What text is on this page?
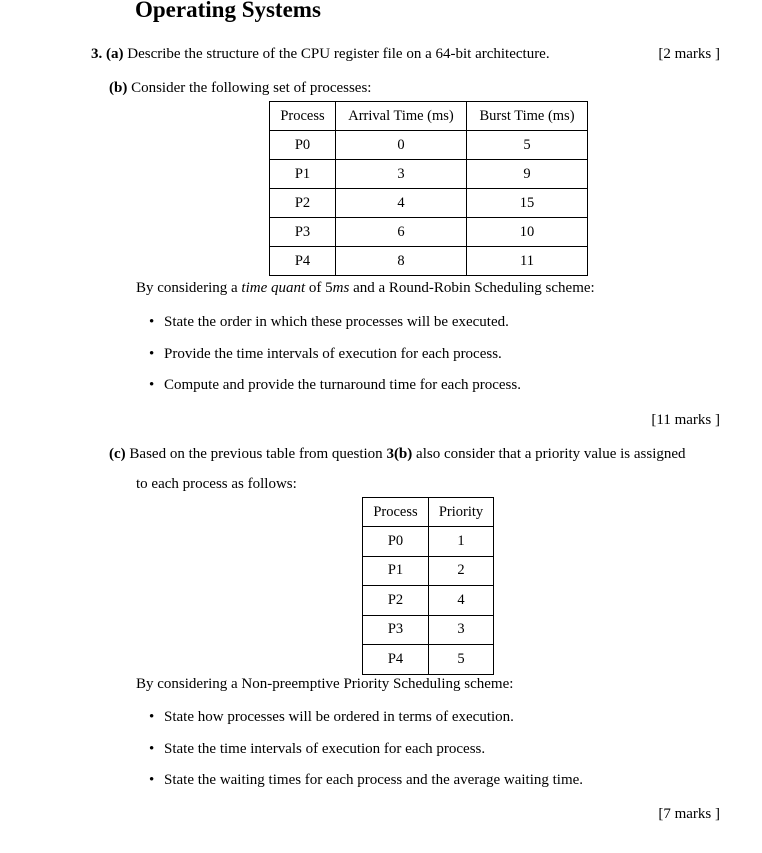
Operating Systems
3. (a) Describe the structure of the CPU register file on a 64-bit architecture.	[2 marks ]
(b) Consider the following set of processes:
Process	Arrival Time (ms)	Burst Time (ms)
P0	0	5
P1	3	9
P2	4	15
P3	6	10
P4	8	11
By considering a time quant of 5ms and a Round-Robin Scheduling scheme:
• State the order in which these processes will be executed.
• Provide the time intervals of execution for each process.
• Compute and provide the turnaround time for each process.
[11 marks ]
(c) Based on the previous table from question 3(b) also consider that a priority value is assigned
to each process as follows:
Process	Priority
P0	1
P1	2
P2	4
P3	3
P4	5
By considering a Non-preemptive Priority Scheduling scheme:
• State how processes will be ordered in terms of execution.
• State the time intervals of execution for each process.
• State the waiting times for each process and the average waiting time.
[7 marks ]
